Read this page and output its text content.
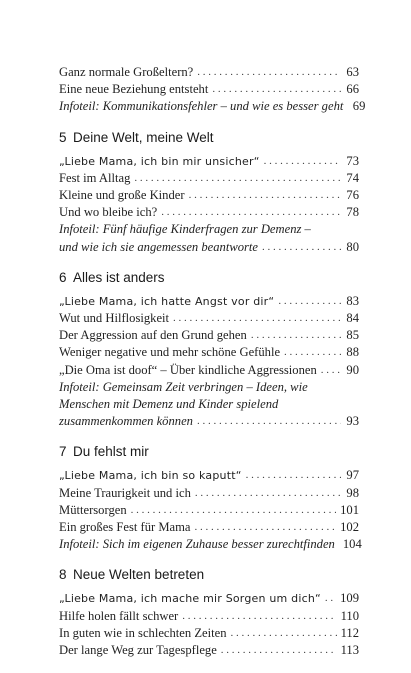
Ganz normale Großeltern? . . .	63
Eine neue Beziehung entsteht . . .	66
Infoteil: Kommunikationsfehler – und wie es besser geht 69
5 Deine Welt, meine Welt
„Liebe Mama, ich bin mir unsicher“ . . .	73
Fest im Alltag . . .	74
Kleine und große Kinder . . .	76
Und wo bleibe ich? . . .	78
Infoteil: Fünf häufige Kinderfragen zur Demenz –
und wie ich sie angemessen beantworte . . .	80
6 Alles ist anders
„Liebe Mama, ich hatte Angst vor dir“ . . .	83
Wut und Hilflosigkeit . . .	84
Der Aggression auf den Grund gehen . . .	85
Weniger negative und mehr schöne Gefühle . . .	88
„Die Oma ist doof“ – Über kindliche Aggressionen . . . 90
Infoteil: Gemeinsam Zeit verbringen – Ideen, wie
Menschen mit Demenz und Kinder spielend
zusammenkommen können . . .	93
7 Du fehlst mir
„Liebe Mama, ich bin so kaputt“ . . .	97
Meine Traurigkeit und ich . . .	98
Müttersorgen . . .	101
Ein großes Fest für Mama . . .	102
Infoteil: Sich im eigenen Zuhause besser zurechtfinden 104
8 Neue Welten betreten
„Liebe Mama, ich mache mir Sorgen um dich“ . . . 109
Hilfe holen fällt schwer . . .	110
In guten wie in schlechten Zeiten . . .	112
Der lange Weg zur Tagespflege . . .	113
